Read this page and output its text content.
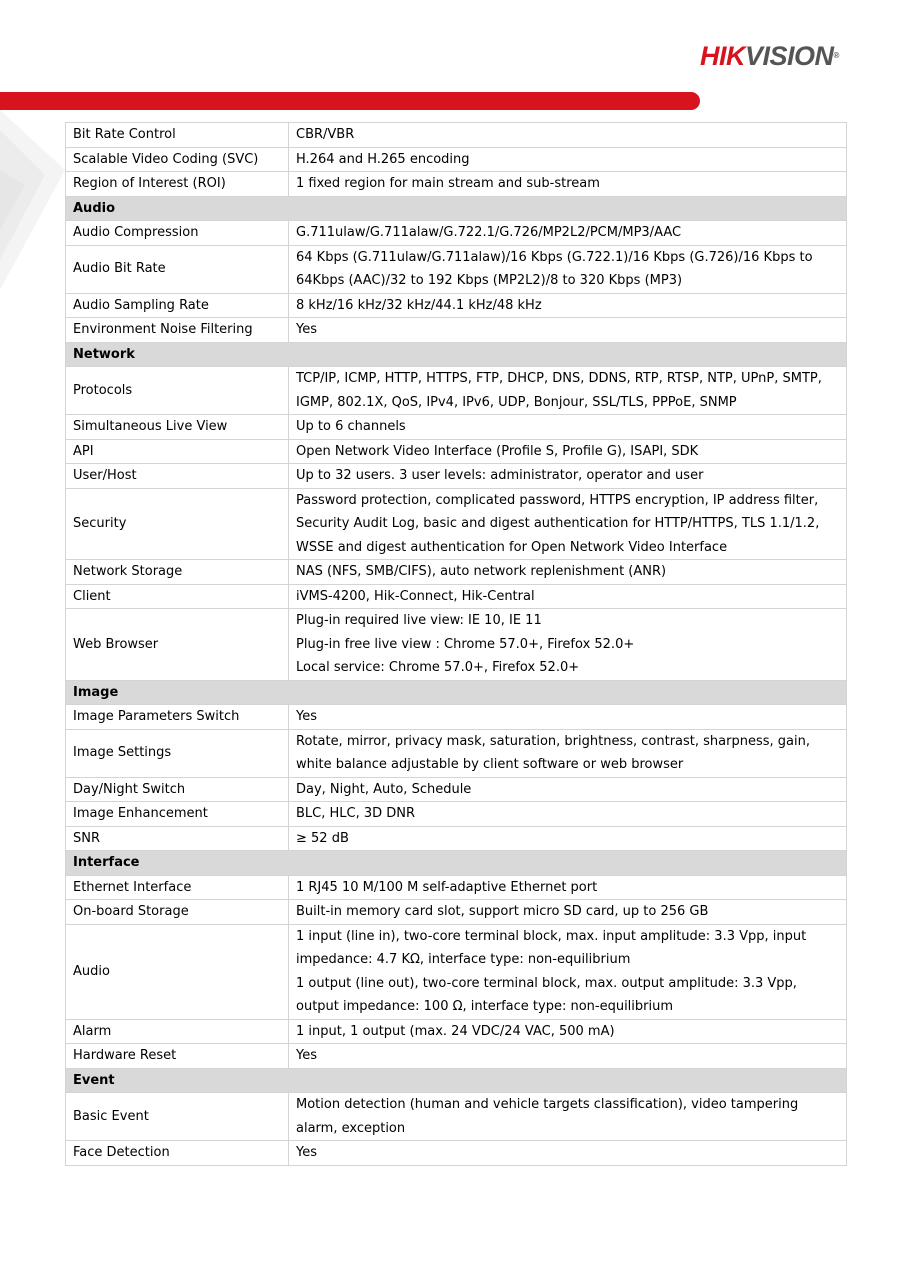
HIKVISION®
Bit Rate Control	CBR/VBR

Scalable Video Coding (SVC)	H.264 and H.265 encoding

Region of Interest (ROI)	1 fixed region for main stream and sub-stream

Audio	
Audio Compression	G.711ulaw/G.711alaw/G.722.1/G.726/MP2L2/PCM/MP3/AAC

Audio Bit Rate	64 Kbps (G.711ulaw/G.711alaw)/16 Kbps (G.722.1)/16 Kbps (G.726)/16 Kbps to 64Kbps (AAC)/32 to 192 Kbps (MP2L2)/8 to 320 Kbps (MP3)

Audio Sampling Rate	8 kHz/16 kHz/32 kHz/44.1 kHz/48 kHz

Environment Noise Filtering	Yes

Network	
Protocols	TCP/IP, ICMP, HTTP, HTTPS, FTP, DHCP, DNS, DDNS, RTP, RTSP, NTP, UPnP, SMTP, IGMP, 802.1X, QoS, IPv4, IPv6, UDP, Bonjour, SSL/TLS, PPPoE, SNMP

Simultaneous Live View	Up to 6 channels

API	Open Network Video Interface (Profile S, Profile G), ISAPI, SDK

User/Host	Up to 32 users. 3 user levels: administrator, operator and user

Security	Password protection, complicated password, HTTPS encryption, IP address filter, Security Audit Log, basic and digest authentication for HTTP/HTTPS, TLS 1.1/1.2, WSSE and digest authentication for Open Network Video Interface

Network Storage	NAS (NFS, SMB/CIFS), auto network replenishment (ANR)

Client	iVMS-4200, Hik-Connect, Hik-Central

Web Browser	Plug-in required live view: IE 10, IE 11
Plug-in free live view : Chrome 57.0+, Firefox 52.0+
Local service: Chrome 57.0+, Firefox 52.0+

Image	
Image Parameters Switch	Yes

Image Settings	Rotate, mirror, privacy mask, saturation, brightness, contrast, sharpness, gain, white balance adjustable by client software or web browser

Day/Night Switch	Day, Night, Auto, Schedule

Image Enhancement	BLC, HLC, 3D DNR

SNR	≥ 52 dB

Interface	
Ethernet Interface	1 RJ45 10 M/100 M self-adaptive Ethernet port

On-board Storage	Built-in memory card slot, support micro SD card, up to 256 GB

Audio	1 input (line in), two-core terminal block, max. input amplitude: 3.3 Vpp, input impedance: 4.7 KΩ, interface type: non-equilibrium
1 output (line out), two-core terminal block, max. output amplitude: 3.3 Vpp, output impedance: 100 Ω, interface type: non-equilibrium

Alarm	1 input, 1 output (max. 24 VDC/24 VAC, 500 mA)

Hardware Reset	Yes

Event	
Basic Event	Motion detection (human and vehicle targets classification), video tampering alarm, exception

Face Detection	Yes
